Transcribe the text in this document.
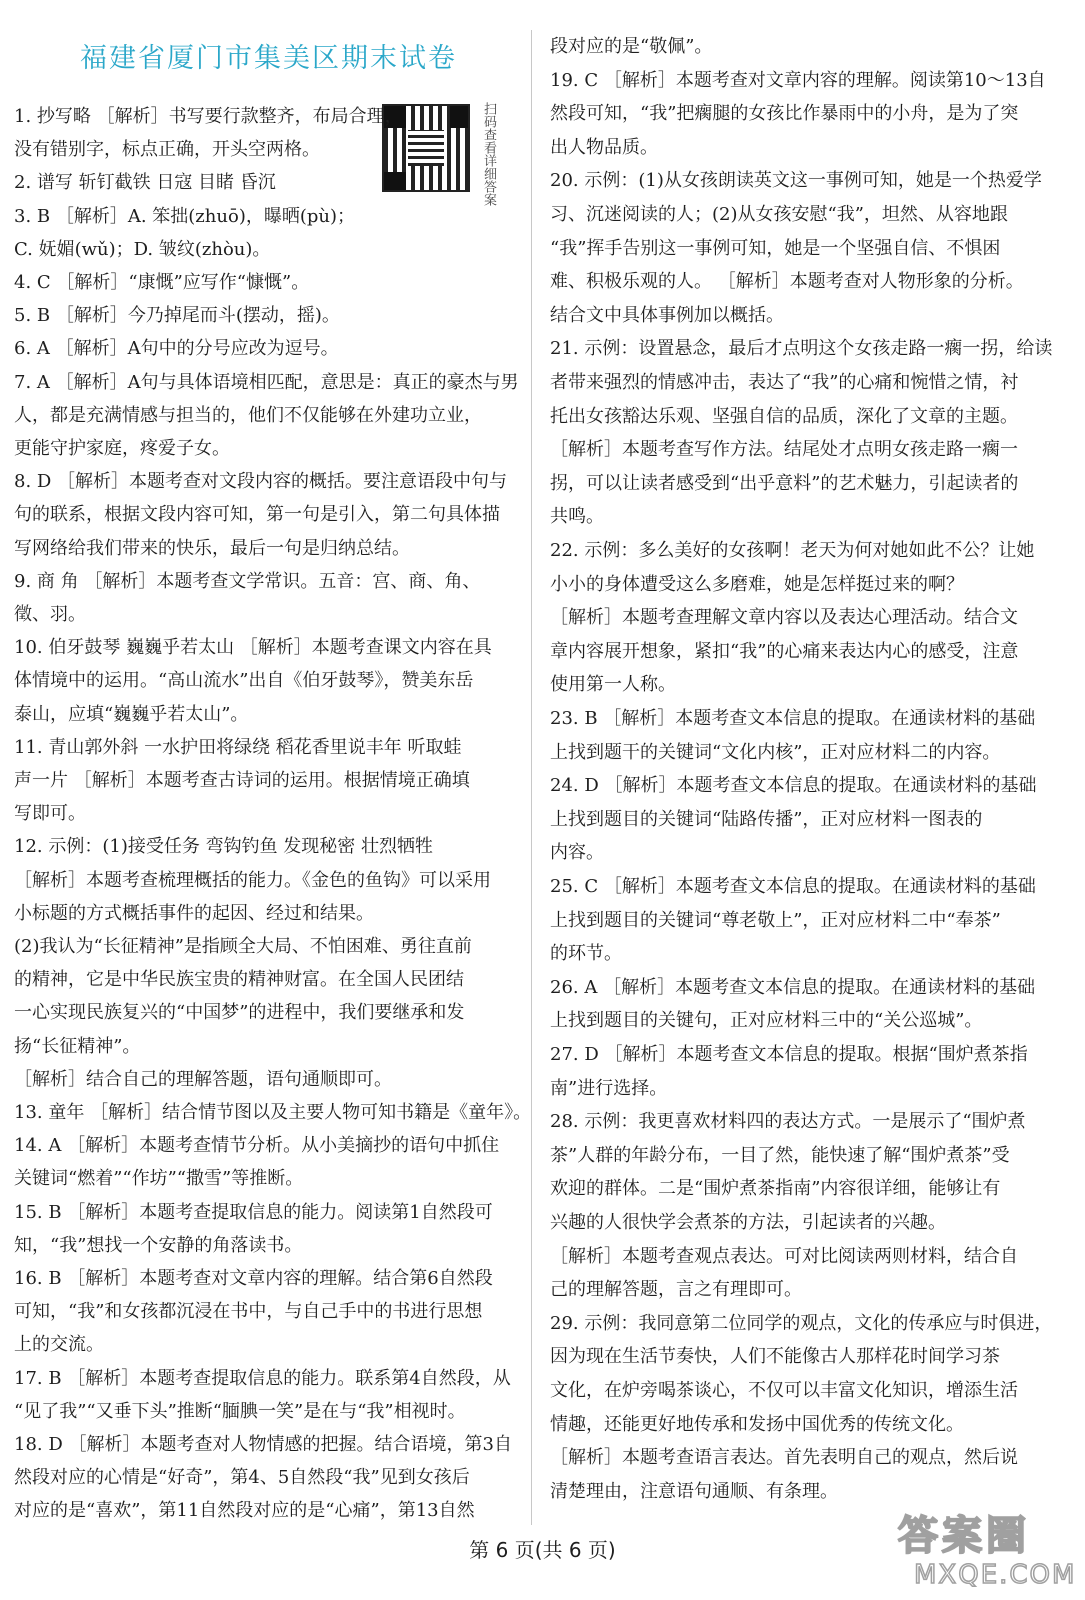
福建省厦门市集美区期末试卷
扫码查看详细答案
1. 抄写略 ［解析］书写要行款整齐，布局合理，
没有错别字，标点正确，开头空两格。
2. 谱写 斩钉截铁 日寇 目睹 昏沉
3. B ［解析］A. 笨拙(zhuō)，曝晒(pù)；
C. 妩媚(wǔ)；D. 皱纹(zhòu)。
4. C ［解析］“康慨”应写作“慷慨”。
5. B ［解析］今乃掉尾而斗(摆动，摇)。
6. A ［解析］A句中的分号应改为逗号。
7. A ［解析］A句与具体语境相匹配，意思是：真正的豪杰与男
人，都是充满情感与担当的，他们不仅能够在外建功立业，
更能守护家庭，疼爱子女。
8. D ［解析］本题考查对文段内容的概括。要注意语段中句与
句的联系，根据文段内容可知，第一句是引入，第二句具体描
写网络给我们带来的快乐，最后一句是归纳总结。
9. 商 角 ［解析］本题考查文学常识。五音：宫、商、角、
徵、羽。
10. 伯牙鼓琴 巍巍乎若太山 ［解析］本题考查课文内容在具
体情境中的运用。“高山流水”出自《伯牙鼓琴》，赞美东岳
泰山，应填“巍巍乎若太山”。
11. 青山郭外斜 一水护田将绿绕 稻花香里说丰年 听取蛙
声一片 ［解析］本题考查古诗词的运用。根据情境正确填
写即可。
12. 示例：(1)接受任务 弯钩钓鱼 发现秘密 壮烈牺牲
［解析］本题考查梳理概括的能力。《金色的鱼钩》可以采用
小标题的方式概括事件的起因、经过和结果。
(2)我认为“长征精神”是指顾全大局、不怕困难、勇往直前
的精神，它是中华民族宝贵的精神财富。在全国人民团结
一心实现民族复兴的“中国梦”的进程中，我们要继承和发
扬“长征精神”。
［解析］结合自己的理解答题，语句通顺即可。
13. 童年 ［解析］结合情节图以及主要人物可知书籍是《童年》。
14. A ［解析］本题考查情节分析。从小美摘抄的语句中抓住
关键词“燃着”“作坊”“撒雪”等推断。
15. B ［解析］本题考查提取信息的能力。阅读第1自然段可
知，“我”想找一个安静的角落读书。
16. B ［解析］本题考查对文章内容的理解。结合第6自然段
可知，“我”和女孩都沉浸在书中，与自己手中的书进行思想
上的交流。
17. B ［解析］本题考查提取信息的能力。联系第4自然段，从
“见了我”“又垂下头”推断“腼腆一笑”是在与“我”相视时。
18. D ［解析］本题考查对人物情感的把握。结合语境，第3自
然段对应的心情是“好奇”，第4、5自然段“我”见到女孩后
对应的是“喜欢”，第11自然段对应的是“心痛”，第13自然
段对应的是“敬佩”。
19. C ［解析］本题考查对文章内容的理解。阅读第10～13自
然段可知，“我”把瘸腿的女孩比作暴雨中的小舟，是为了突
出人物品质。
20. 示例：(1)从女孩朗读英文这一事例可知，她是一个热爱学
习、沉迷阅读的人；(2)从女孩安慰“我”，坦然、从容地跟
“我”挥手告别这一事例可知，她是一个坚强自信、不惧困
难、积极乐观的人。 ［解析］本题考查对人物形象的分析。
结合文中具体事例加以概括。
21. 示例：设置悬念，最后才点明这个女孩走路一瘸一拐，给读
者带来强烈的情感冲击，表达了“我”的心痛和惋惜之情，衬
托出女孩豁达乐观、坚强自信的品质，深化了文章的主题。
［解析］本题考查写作方法。结尾处才点明女孩走路一瘸一
拐，可以让读者感受到“出乎意料”的艺术魅力，引起读者的
共鸣。
22. 示例：多么美好的女孩啊！老天为何对她如此不公？让她
小小的身体遭受这么多磨难，她是怎样挺过来的啊？
［解析］本题考查理解文章内容以及表达心理活动。结合文
章内容展开想象，紧扣“我”的心痛来表达内心的感受，注意
使用第一人称。
23. B ［解析］本题考查文本信息的提取。在通读材料的基础
上找到题干的关键词“文化内核”，正对应材料二的内容。
24. D ［解析］本题考查文本信息的提取。在通读材料的基础
上找到题目的关键词“陆路传播”，正对应材料一图表的
内容。
25. C ［解析］本题考查文本信息的提取。在通读材料的基础
上找到题目的关键词“尊老敬上”，正对应材料二中“奉茶”
的环节。
26. A ［解析］本题考查文本信息的提取。在通读材料的基础
上找到题目的关键句，正对应材料三中的“关公巡城”。
27. D ［解析］本题考查文本信息的提取。根据“围炉煮茶指
南”进行选择。
28. 示例：我更喜欢材料四的表达方式。一是展示了“围炉煮
茶”人群的年龄分布，一目了然，能快速了解“围炉煮茶”受
欢迎的群体。二是“围炉煮茶指南”内容很详细，能够让有
兴趣的人很快学会煮茶的方法，引起读者的兴趣。
［解析］本题考查观点表达。可对比阅读两则材料，结合自
己的理解答题，言之有理即可。
29. 示例：我同意第二位同学的观点，文化的传承应与时俱进，
因为现在生活节奏快，人们不能像古人那样花时间学习茶
文化，在炉旁喝茶谈心，不仅可以丰富文化知识，增添生活
情趣，还能更好地传承和发扬中国优秀的传统文化。
［解析］本题考查语言表达。首先表明自己的观点，然后说
清楚理由，注意语句通顺、有条理。
第 6 页(共 6 页)	答案圈
MXQE.COM
